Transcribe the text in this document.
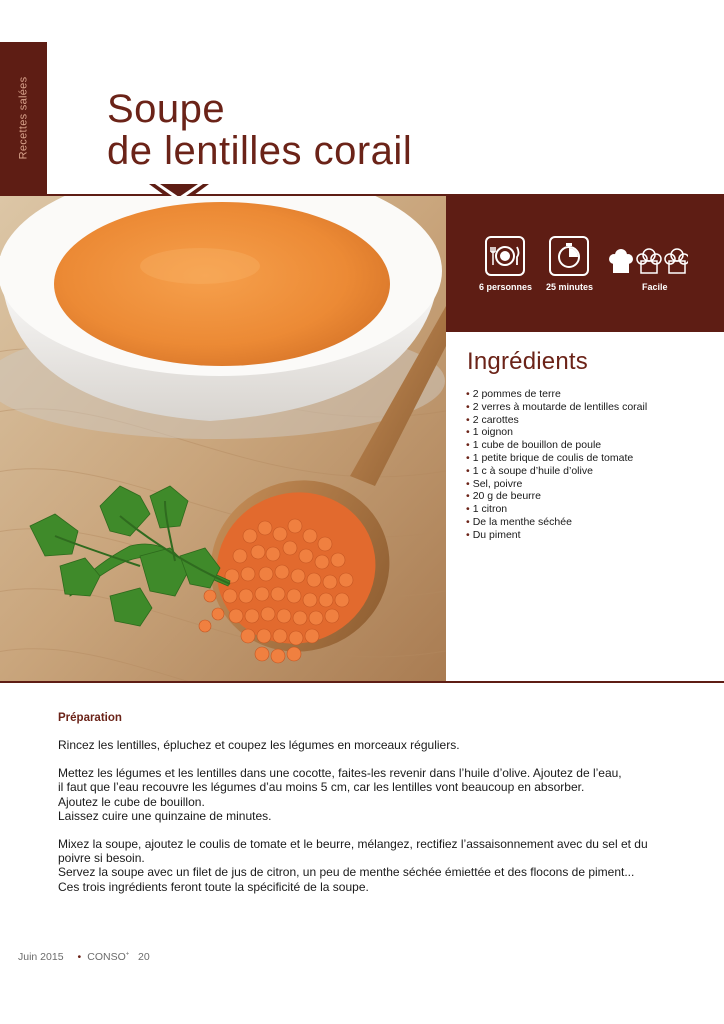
Recettes salées Soupe
de lentilles corail
6 personnes 25 minutes	Facile
Ingrédients
• 2 pommes de terre
• 2 verres à moutarde de lentilles corail
• 2 carottes
• 1 oignon
• 1 cube de bouillon de poule
• 1 petite brique de coulis de tomate
• 1 c à soupe d’huile d’olive
• Sel, poivre
• 20 g de beurre
• 1 citron
• De la menthe séchée
• Du piment
Préparation

Rincez les lentilles, épluchez et coupez les légumes en morceaux réguliers.

Mettez les légumes et les lentilles dans une cocotte, faites-les revenir dans l’huile d’olive. Ajoutez de l’eau,
il faut que l’eau recouvre les légumes d’au moins 5 cm, car les lentilles vont beaucoup en absorber.
Ajoutez le cube de bouillon.
Laissez cuire une quinzaine de minutes.

Mixez la soupe, ajoutez le coulis de tomate et le beurre, mélangez, rectifiez l’assaisonnement avec du sel et du
poivre si besoin.
Servez la soupe avec un filet de jus de citron, un peu de menthe séchée émiettée et des flocons de piment...
Ces trois ingrédients feront toute la spécificité de la soupe.

Juin 2015 • CONSO+ 20
